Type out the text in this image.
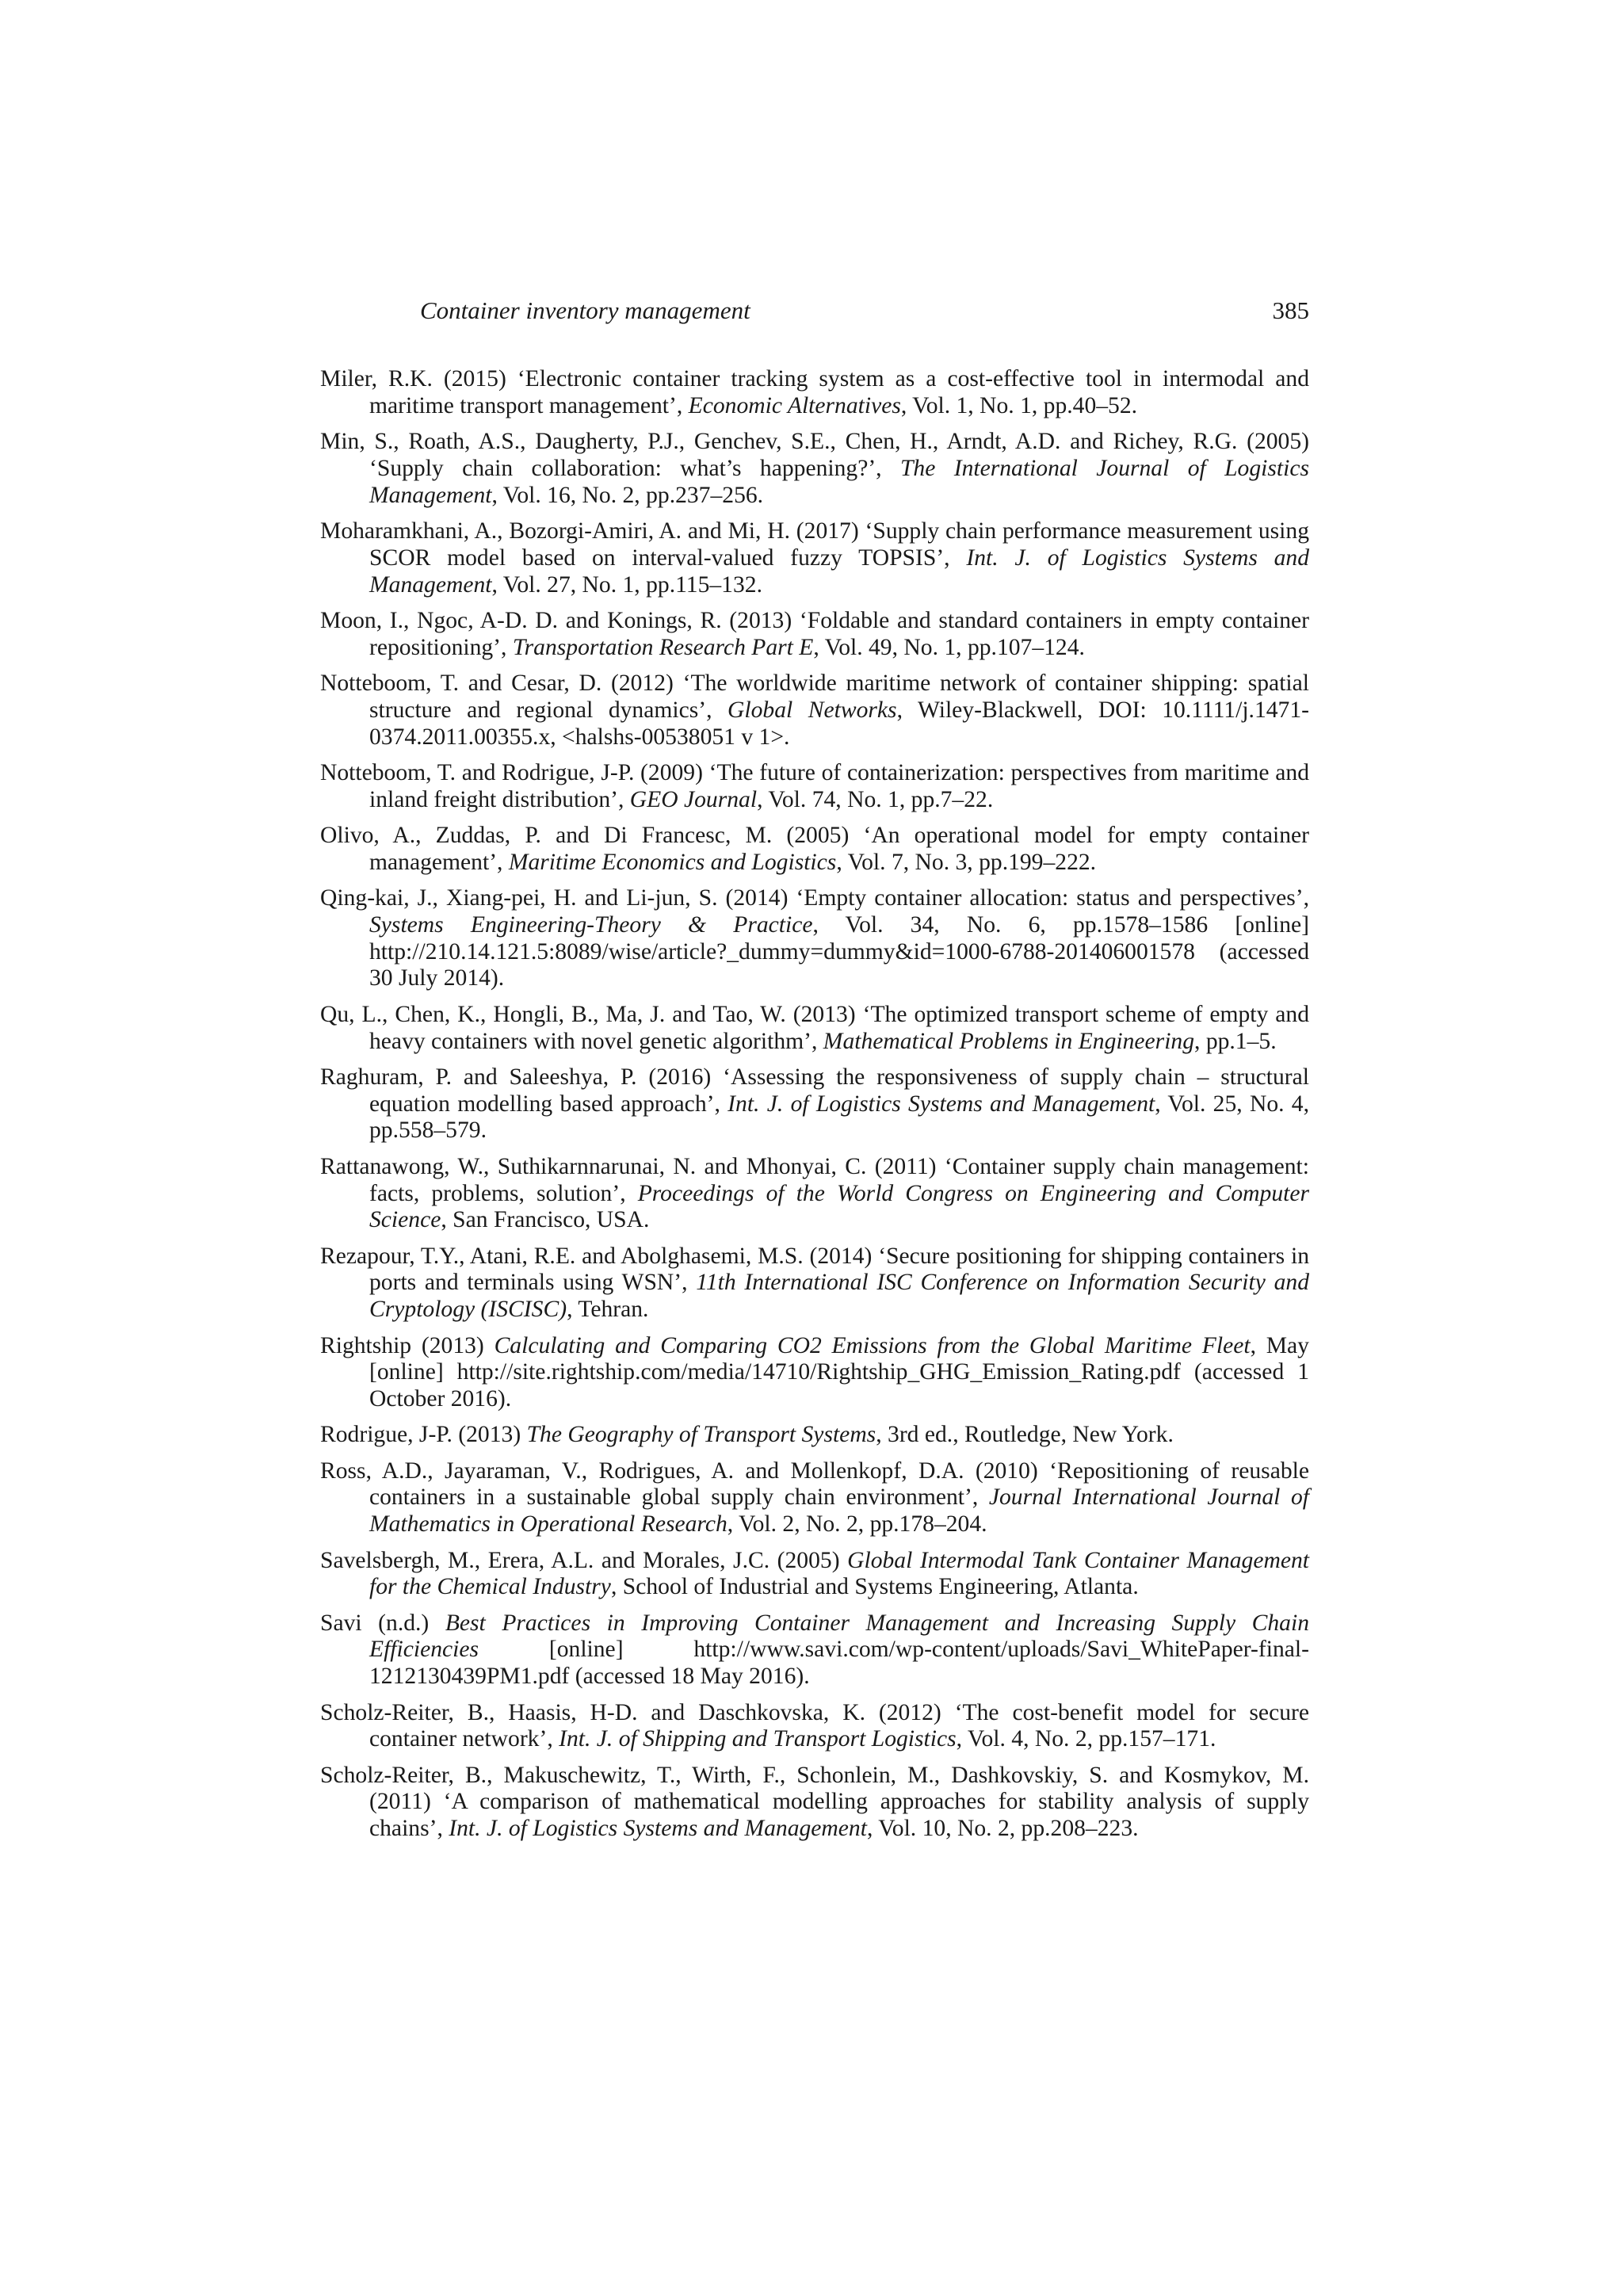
Container inventory management	385

Miler, R.K. (2015) ‘Electronic container tracking system as a cost-effective tool in intermodal and maritime transport management’, Economic Alternatives, Vol. 1, No. 1, pp.40–52.

Min, S., Roath, A.S., Daugherty, P.J., Genchev, S.E., Chen, H., Arndt, A.D. and Richey, R.G. (2005) ‘Supply chain collaboration: what’s happening?’, The International Journal of Logistics Management, Vol. 16, No. 2, pp.237–256.

Moharamkhani, A., Bozorgi-Amiri, A. and Mi, H. (2017) ‘Supply chain performance measurement using SCOR model based on interval-valued fuzzy TOPSIS’, Int. J. of Logistics Systems and Management, Vol. 27, No. 1, pp.115–132.

Moon, I., Ngoc, A-D. D. and Konings, R. (2013) ‘Foldable and standard containers in empty container repositioning’, Transportation Research Part E, Vol. 49, No. 1, pp.107–124.

Notteboom, T. and Cesar, D. (2012) ‘The worldwide maritime network of container shipping: spatial structure and regional dynamics’, Global Networks, Wiley-Blackwell, DOI: 10.1111/j.1471-0374.2011.00355.x, <halshs-00538051 v 1>.

Notteboom, T. and Rodrigue, J-P. (2009) ‘The future of containerization: perspectives from maritime and inland freight distribution’, GEO Journal, Vol. 74, No. 1, pp.7–22.

Olivo, A., Zuddas, P. and Di Francesc, M. (2005) ‘An operational model for empty container management’, Maritime Economics and Logistics, Vol. 7, No. 3, pp.199–222.

Qing-kai, J., Xiang-pei, H. and Li-jun, S. (2014) ‘Empty container allocation: status and perspectives’, Systems Engineering-Theory & Practice, Vol. 34, No. 6, pp.1578–1586 [online] http://210.14.121.5:8089/wise/article?_dummy=dummy&id=1000-6788-201406001578 (accessed 30 July 2014).

Qu, L., Chen, K., Hongli, B., Ma, J. and Tao, W. (2013) ‘The optimized transport scheme of empty and heavy containers with novel genetic algorithm’, Mathematical Problems in Engineering, pp.1–5.

Raghuram, P. and Saleeshya, P. (2016) ‘Assessing the responsiveness of supply chain – structural equation modelling based approach’, Int. J. of Logistics Systems and Management, Vol. 25, No. 4, pp.558–579.

Rattanawong, W., Suthikarnnarunai, N. and Mhonyai, C. (2011) ‘Container supply chain management: facts, problems, solution’, Proceedings of the World Congress on Engineering and Computer Science, San Francisco, USA.

Rezapour, T.Y., Atani, R.E. and Abolghasemi, M.S. (2014) ‘Secure positioning for shipping containers in ports and terminals using WSN’, 11th International ISC Conference on Information Security and Cryptology (ISCISC), Tehran.

Rightship (2013) Calculating and Comparing CO2 Emissions from the Global Maritime Fleet, May [online] http://site.rightship.com/media/14710/Rightship_GHG_Emission_Rating.pdf (accessed 1 October 2016).

Rodrigue, J-P. (2013) The Geography of Transport Systems, 3rd ed., Routledge, New York.

Ross, A.D., Jayaraman, V., Rodrigues, A. and Mollenkopf, D.A. (2010) ‘Repositioning of reusable containers in a sustainable global supply chain environment’, Journal International Journal of Mathematics in Operational Research, Vol. 2, No. 2, pp.178–204.

Savelsbergh, M., Erera, A.L. and Morales, J.C. (2005) Global Intermodal Tank Container Management for the Chemical Industry, School of Industrial and Systems Engineering, Atlanta.

Savi (n.d.) Best Practices in Improving Container Management and Increasing Supply Chain Efficiencies [online] http://www.savi.com/wp-content/uploads/Savi_WhitePaper-final-1212130439PM1.pdf (accessed 18 May 2016).

Scholz-Reiter, B., Haasis, H-D. and Daschkovska, K. (2012) ‘The cost-benefit model for secure container network’, Int. J. of Shipping and Transport Logistics, Vol. 4, No. 2, pp.157–171.

Scholz-Reiter, B., Makuschewitz, T., Wirth, F., Schonlein, M., Dashkovskiy, S. and Kosmykov, M. (2011) ‘A comparison of mathematical modelling approaches for stability analysis of supply chains’, Int. J. of Logistics Systems and Management, Vol. 10, No. 2, pp.208–223.
